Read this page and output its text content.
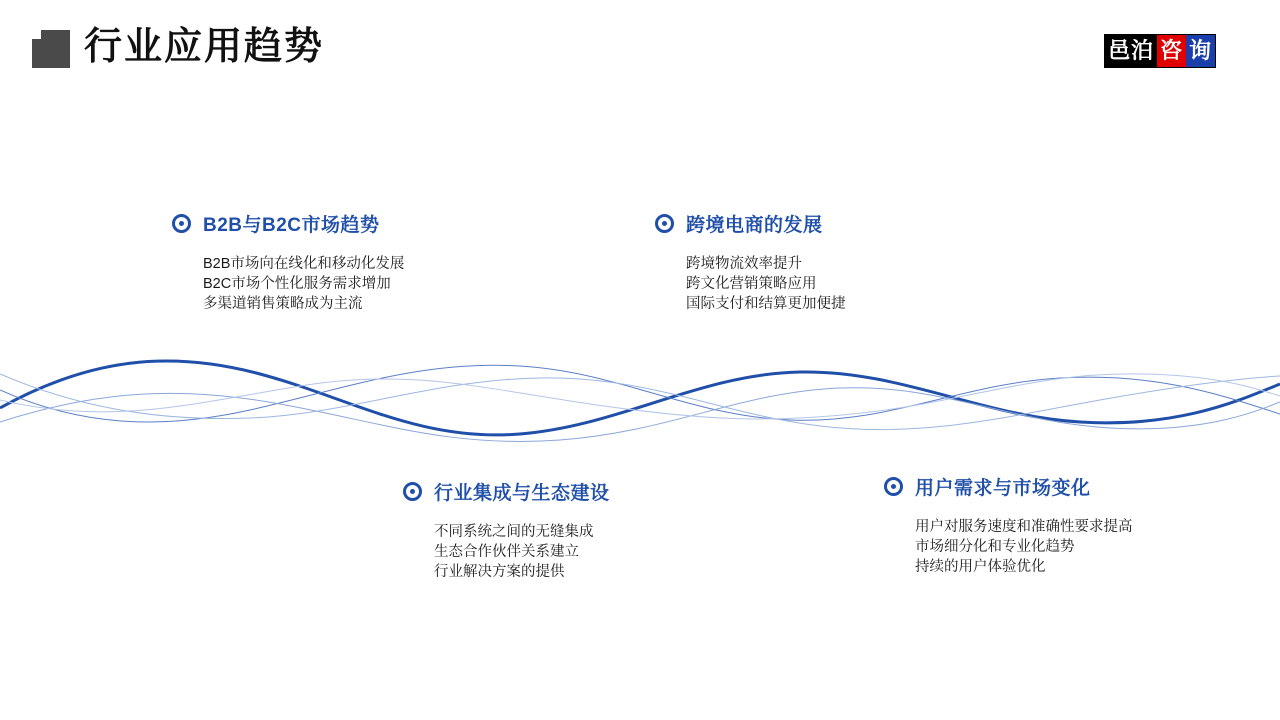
行业应用趋势	邑泊 咨 询
B2B与B2C市场趋势
B2B市场向在线化和移动化发展
B2C市场个性化服务需求增加
多渠道销售策略成为主流
跨境电商的发展
跨境物流效率提升
跨文化营销策略应用
国际支付和结算更加便捷
行业集成与生态建设
不同系统之间的无缝集成
生态合作伙伴关系建立
行业解决方案的提供
用户需求与市场变化
用户对服务速度和准确性要求提高
市场细分化和专业化趋势
持续的用户体验优化
